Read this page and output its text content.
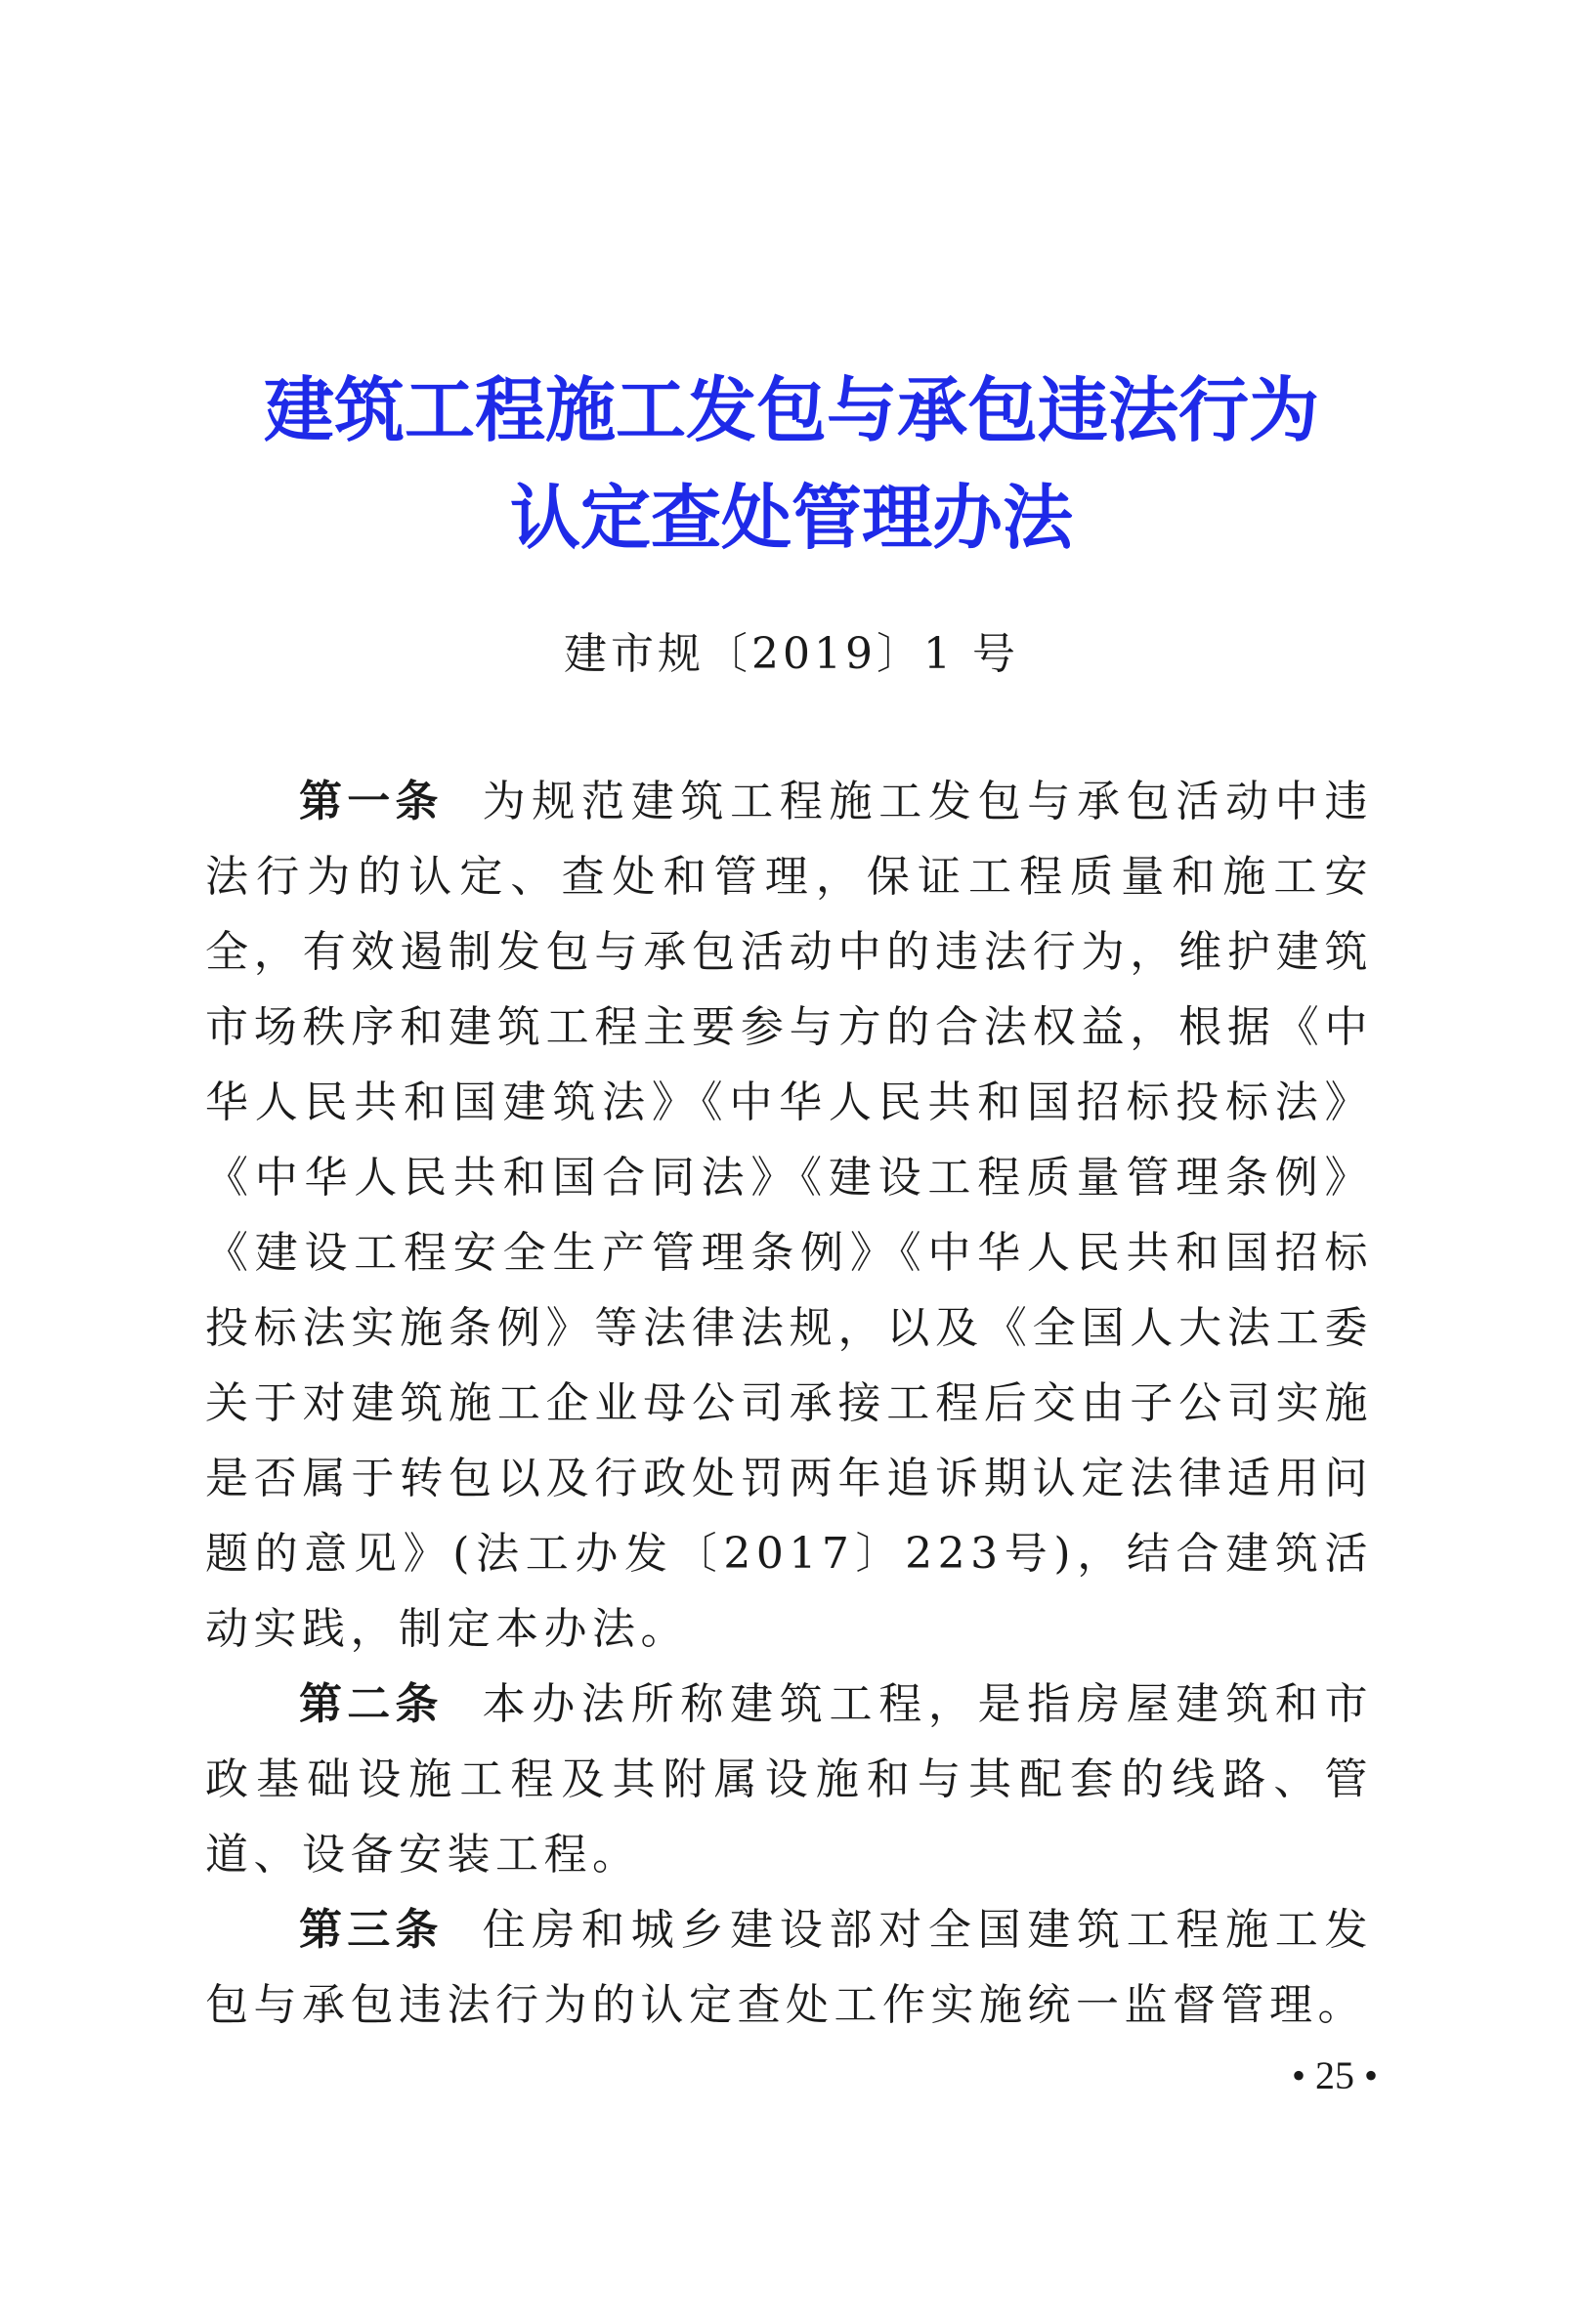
建筑工程施工发包与承包违法行为
认定查处管理办法
建市规〔2019〕1 号

第一条 为规范建筑工程施工发包与承包活动中违法行为的认定、查处和管理，保证工程质量和施工安全，有效遏制发包与承包活动中的违法行为，维护建筑市场秩序和建筑工程主要参与方的合法权益，根据《中华人民共和国建筑法》《中华人民共和国招标投标法》《中华人民共和国合同法》《建设工程质量管理条例》《建设工程安全生产管理条例》《中华人民共和国招标投标法实施条例》等法律法规，以及《全国人大法工委关于对建筑施工企业母公司承接工程后交由子公司实施是否属于转包以及行政处罚两年追诉期认定法律适用问题的意见》(法工办发〔2017〕223号)，结合建筑活动实践，制定本办法。

第二条 本办法所称建筑工程，是指房屋建筑和市政基础设施工程及其附属设施和与其配套的线路、管道、设备安装工程。

第三条 住房和城乡建设部对全国建筑工程施工发包与承包违法行为的认定查处工作实施统一监督管理。

• 25 •
